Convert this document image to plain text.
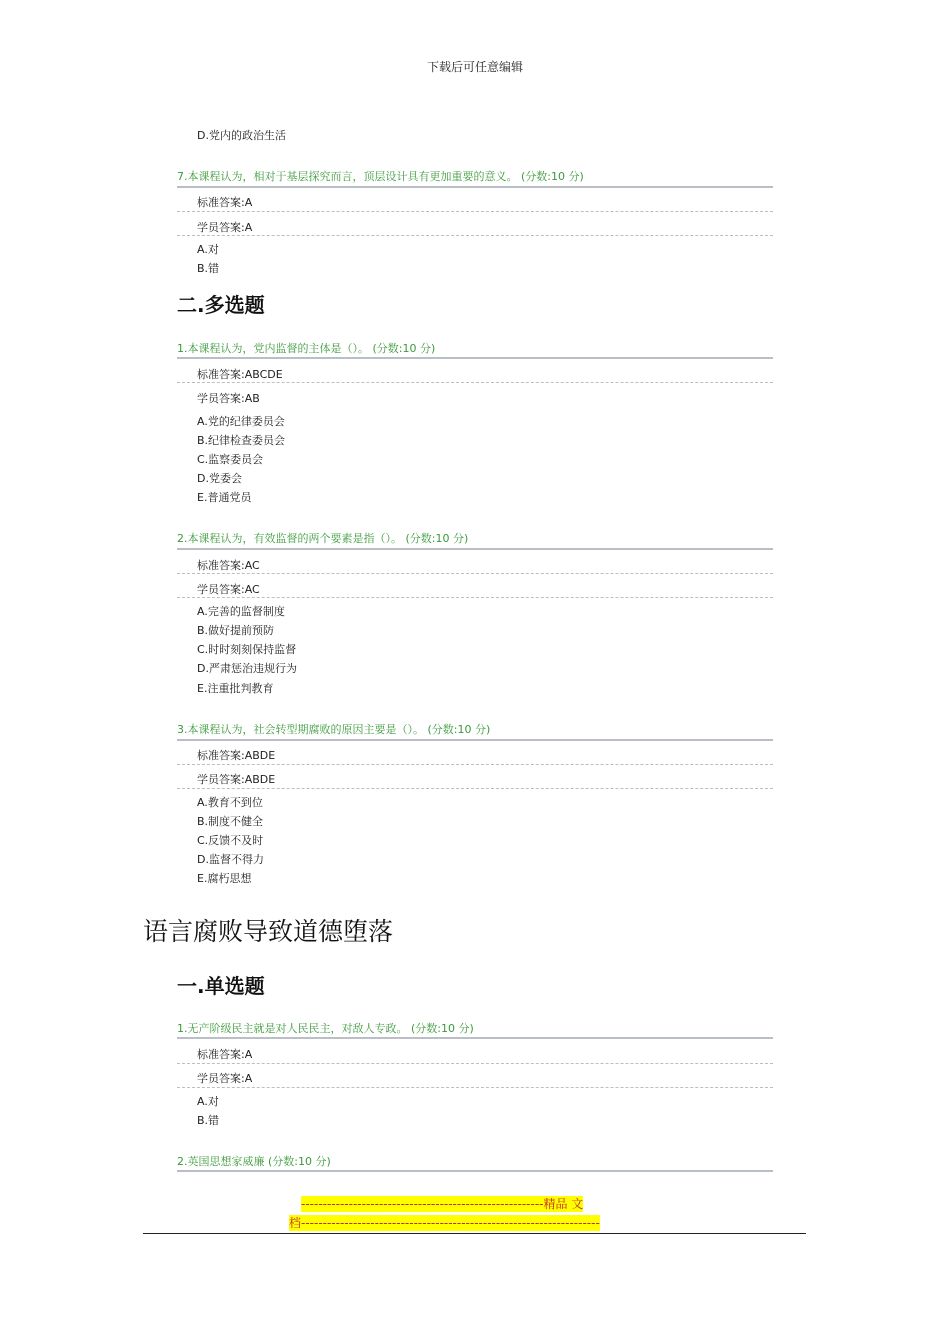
下载后可任意编辑
D.党内的政治生活
7.本课程认为，相对于基层探究而言，顶层设计具有更加重要的意义。 (分数:10 分)
标准答案:A
学员答案:A
A.对
B.错
二.多选题
1.本课程认为，党内监督的主体是（）。 (分数:10 分)
标准答案:ABCDE
学员答案:AB
A.党的纪律委员会
B.纪律检查委员会
C.监察委员会
D.党委会
E.普通党员
2.本课程认为，有效监督的两个要素是指（）。 (分数:10 分)
标准答案:AC
学员答案:AC
A.完善的监督制度
B.做好提前预防
C.时时刻刻保持监督
D.严肃惩治违规行为
E.注重批判教育
3.本课程认为，社会转型期腐败的原因主要是（）。 (分数:10 分)
标准答案:ABDE
学员答案:ABDE
A.教育不到位
B.制度不健全
C.反馈不及时
D.监督不得力
E.腐朽思想
语言腐败导致道德堕落
一.单选题
1.无产阶级民主就是对人民民主，对敌人专政。 (分数:10 分)
标准答案:A
学员答案:A
A.对
B.错
2.英国思想家威廉 (分数:10 分)
--------------------------------------------------------精品 文
档---------------------------------------------------------------------
